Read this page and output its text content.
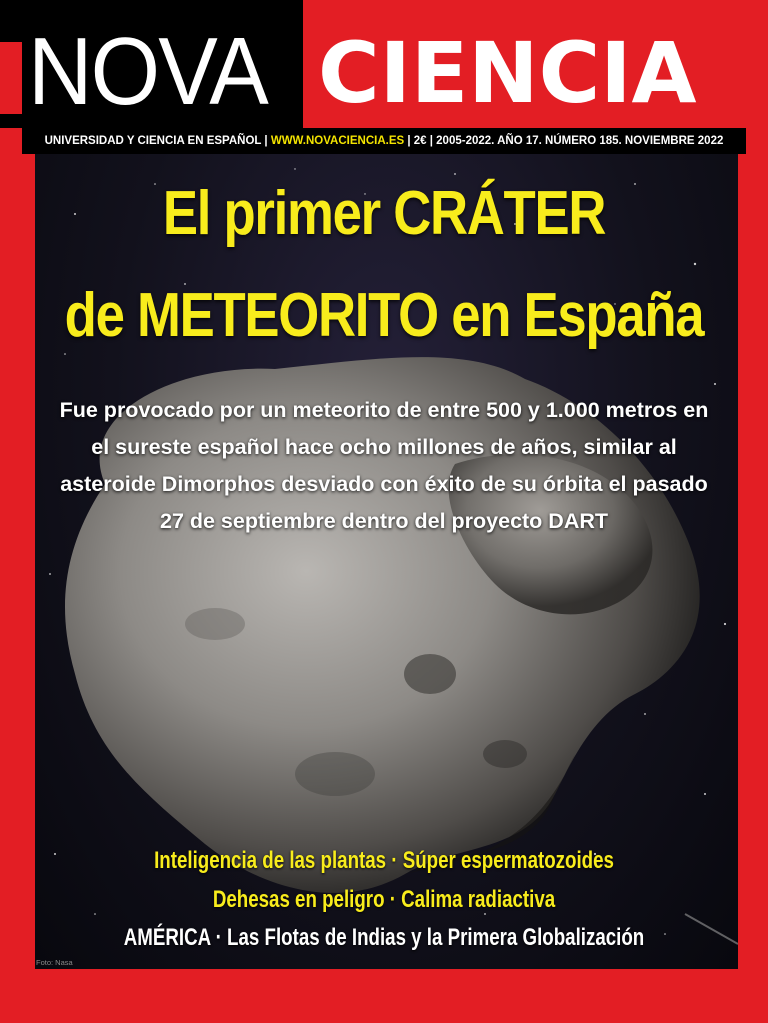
NOVA CIENCIA
UNIVERSIDAD Y CIENCIA EN ESPAÑOL | WWW.NOVACIENCIA.ES | 2€ | 2005-2022. AÑO 17. NÚMERO 185. NOVIEMBRE 2022
El primer CRÁTER
de METEORITO en España

Fue provocado por un meteorito de entre 500 y 1.000 metros en el sureste español hace ocho millones de años, similar al asteroide Dimorphos desviado con éxito de su órbita el pasado 27 de septiembre dentro del proyecto DART

Inteligencia de las plantas · Súper espermatozoides

Dehesas en peligro · Calima radiactiva

AMÉRICA · Las Flotas de Indias y la Primera Globalización

Foto: Nasa
